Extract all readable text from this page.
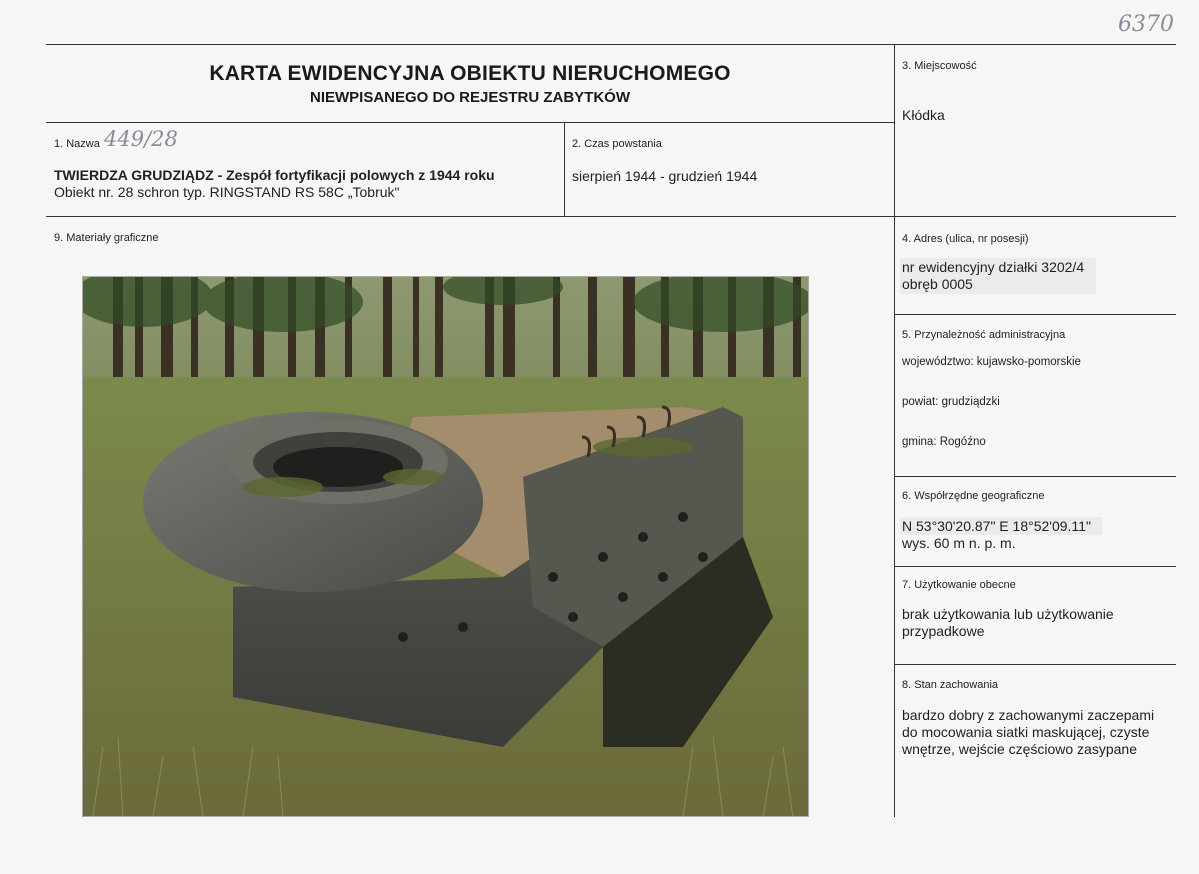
6370
KARTA EWIDENCYJNA OBIEKTU NIERUCHOMEGO
NIEWPISANEGO DO REJESTRU ZABYTKÓW
1. Nazwa 449/28
TWIERDZA GRUDZIĄDZ - Zespół fortyfikacji polowych z 1944 roku
Obiekt nr. 28 schron typ. RINGSTAND RS 58C „Tobruk"
2. Czas powstania
sierpień 1944 - grudzień 1944
3. Miejscowość
Kłódka
4. Adres (ulica, nr posesji)
nr ewidencyjny działki 3202/4
obręb 0005
5. Przynależność administracyjna
województwo: kujawsko-pomorskie
powiat: grudziądzki
gmina: Rogóźno
6. Współrzędne geograficzne
N 53°30'20.87" E 18°52'09.11"
wys. 60 m n. p. m.
7. Użytkowanie obecne
brak użytkowania lub użytkowanie
przypadkowe
8. Stan zachowania
bardzo dobry z zachowanymi zaczepami
do mocowania siatki maskującej, czyste
wnętrze, wejście częściowo zasypane
9. Materiały graficzne
